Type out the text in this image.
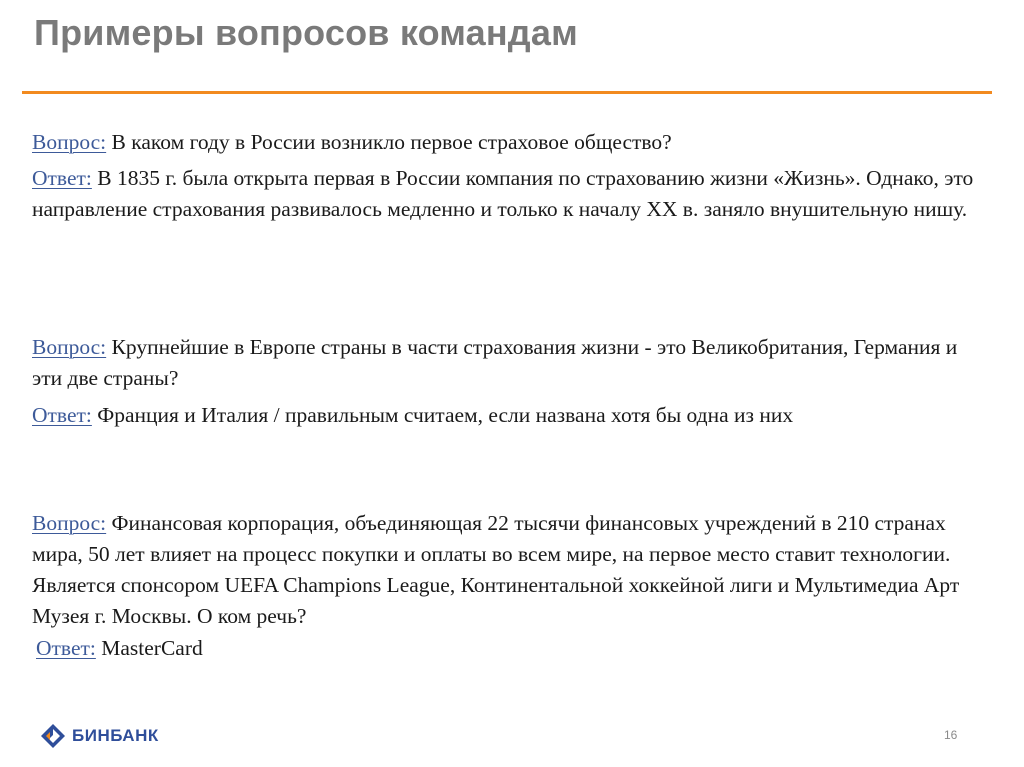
Примеры вопросов командам

Вопрос: В каком году в России возникло первое страховое общество?

Ответ: В 1835 г. была открыта первая в России компания по страхованию жизни «Жизнь». Однако, это направление страхования развивалось медленно и только к началу XX в. заняло внушительную нишу.

Вопрос: Крупнейшие в Европе страны в части страхования жизни - это Великобритания, Германия и эти две страны?

Ответ: Франция и Италия / правильным считаем, если названа хотя бы одна из них

Вопрос: Финансовая корпорация, объединяющая 22 тысячи финансовых учреждений в 210 странах мира, 50 лет влияет на процесс покупки и оплаты во всем мире, на первое место ставит технологии. Является спонсором UEFA Champions League, Континентальной хоккейной лиги и Мультимедиа Арт Музея г. Москвы. О ком речь?

Ответ: MasterCard

БИНБАНК	16
